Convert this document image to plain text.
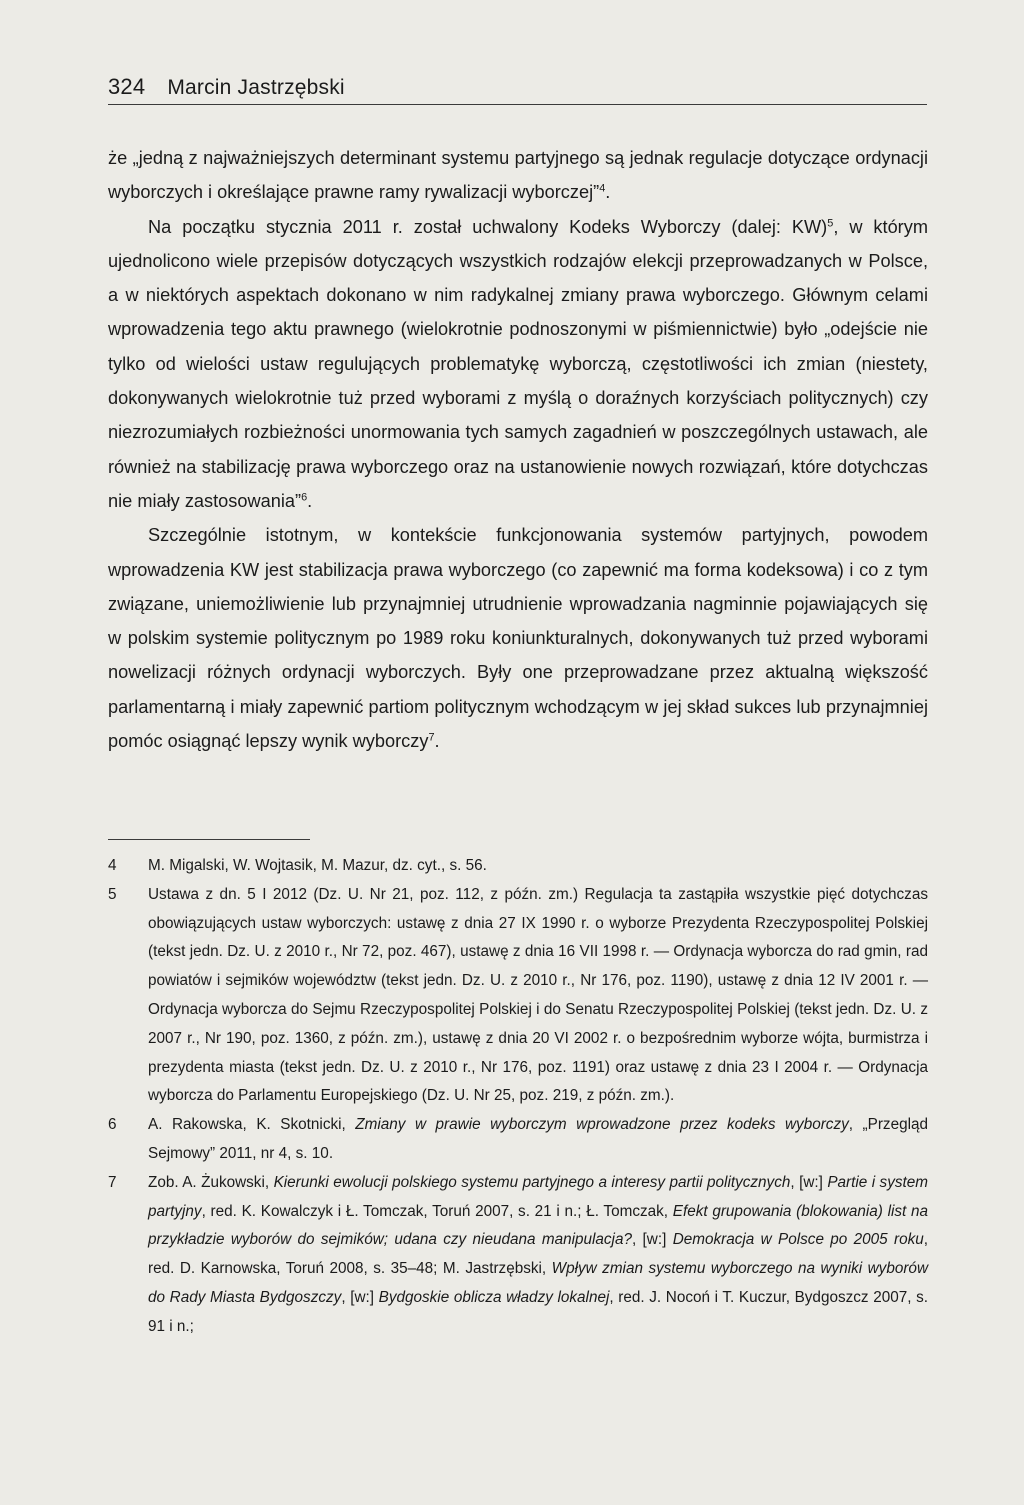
324 Marcin Jastrzębski

że „jedną z najważniejszych determinant systemu partyjnego są jednak regulacje dotyczące ordynacji wyborczych i określające prawne ramy rywalizacji wyborczej”$^4$.

Na początku stycznia 2011 r. został uchwalony Kodeks Wyborczy (dalej: KW)$^5$, w którym ujednolicono wiele przepisów dotyczących wszystkich rodzajów elekcji przeprowadzanych w Polsce, a w niektórych aspektach dokonano w nim radykalnej zmiany prawa wyborczego. Głównym celami wprowadzenia tego aktu prawnego (wielokrotnie podnoszonymi w piśmiennictwie) było „odejście nie tylko od wielości ustaw regulujących problematykę wyborczą, częstotliwości ich zmian (niestety, dokonywanych wielokrotnie tuż przed wyborami z myślą o doraźnych korzyściach politycznych) czy niezrozumiałych rozbieżności unormowania tych samych zagadnień w poszczególnych ustawach, ale również na stabilizację prawa wyborczego oraz na ustanowienie nowych rozwiązań, które dotychczas nie miały zastosowania”$^6$.

Szczególnie istotnym, w kontekście funkcjonowania systemów partyjnych, powodem wprowadzenia KW jest stabilizacja prawa wyborczego (co zapewnić ma forma kodeksowa) i co z tym związane, uniemożliwienie lub przynajmniej utrudnienie wprowadzania nagminnie pojawiających się w polskim systemie politycznym po 1989 roku koniunkturalnych, dokonywanych tuż przed wyborami nowelizacji różnych ordynacji wyborczych. Były one przeprowadzane przez aktualną większość parlamentarną i miały zapewnić partiom politycznym wchodzącym w jej skład sukces lub przynajmniej pomóc osiągnąć lepszy wynik wyborczy$^7$.

4 M. Migalski, W. Wojtasik, M. Mazur, dz. cyt., s. 56.
5 Ustawa z dn. 5 I 2012 (Dz. U. Nr 21, poz. 112, z późn. zm.) Regulacja ta zastąpiła wszystkie pięć dotychczas obowiązujących ustaw wyborczych: ustawę z dnia 27 IX 1990 r. o wyborze Prezydenta Rzeczypospolitej Polskiej (tekst jedn. Dz. U. z 2010 r., Nr 72, poz. 467), ustawę z dnia 16 VII 1998 r. — Ordynacja wyborcza do rad gmin, rad powiatów i sejmików województw (tekst jedn. Dz. U. z 2010 r., Nr 176, poz. 1190), ustawę z dnia 12 IV 2001 r. — Ordynacja wyborcza do Sejmu Rzeczypospolitej Polskiej i do Senatu Rzeczypospolitej Polskiej (tekst jedn. Dz. U. z 2007 r., Nr 190, poz. 1360, z późn. zm.), ustawę z dnia 20 VI 2002 r. o bezpośrednim wyborze wójta, burmistrza i prezydenta miasta (tekst jedn. Dz. U. z 2010 r., Nr 176, poz. 1191) oraz ustawę z dnia 23 I 2004 r. — Ordynacja wyborcza do Parlamentu Europejskiego (Dz. U. Nr 25, poz. 219, z późn. zm.).
6 A. Rakowska, K. Skotnicki, Zmiany w prawie wyborczym wprowadzone przez kodeks wyborczy, „Przegląd Sejmowy” 2011, nr 4, s. 10.
7 Zob. A. Żukowski, Kierunki ewolucji polskiego systemu partyjnego a interesy partii politycznych, [w:] Partie i system partyjny, red. K. Kowalczyk i Ł. Tomczak, Toruń 2007, s. 21 i n.; Ł. Tomczak, Efekt grupowania (blokowania) list na przykładzie wyborów do sejmików; udana czy nieudana manipulacja?, [w:] Demokracja w Polsce po 2005 roku, red. D. Karnowska, Toruń 2008, s. 35–48; M. Jastrzębski, Wpływ zmian systemu wyborczego na wyniki wyborów do Rady Miasta Bydgoszczy, [w:] Bydgoskie oblicza władzy lokalnej, red. J. Nocoń i T. Kuczur, Bydgoszcz 2007, s. 91 i n.;
